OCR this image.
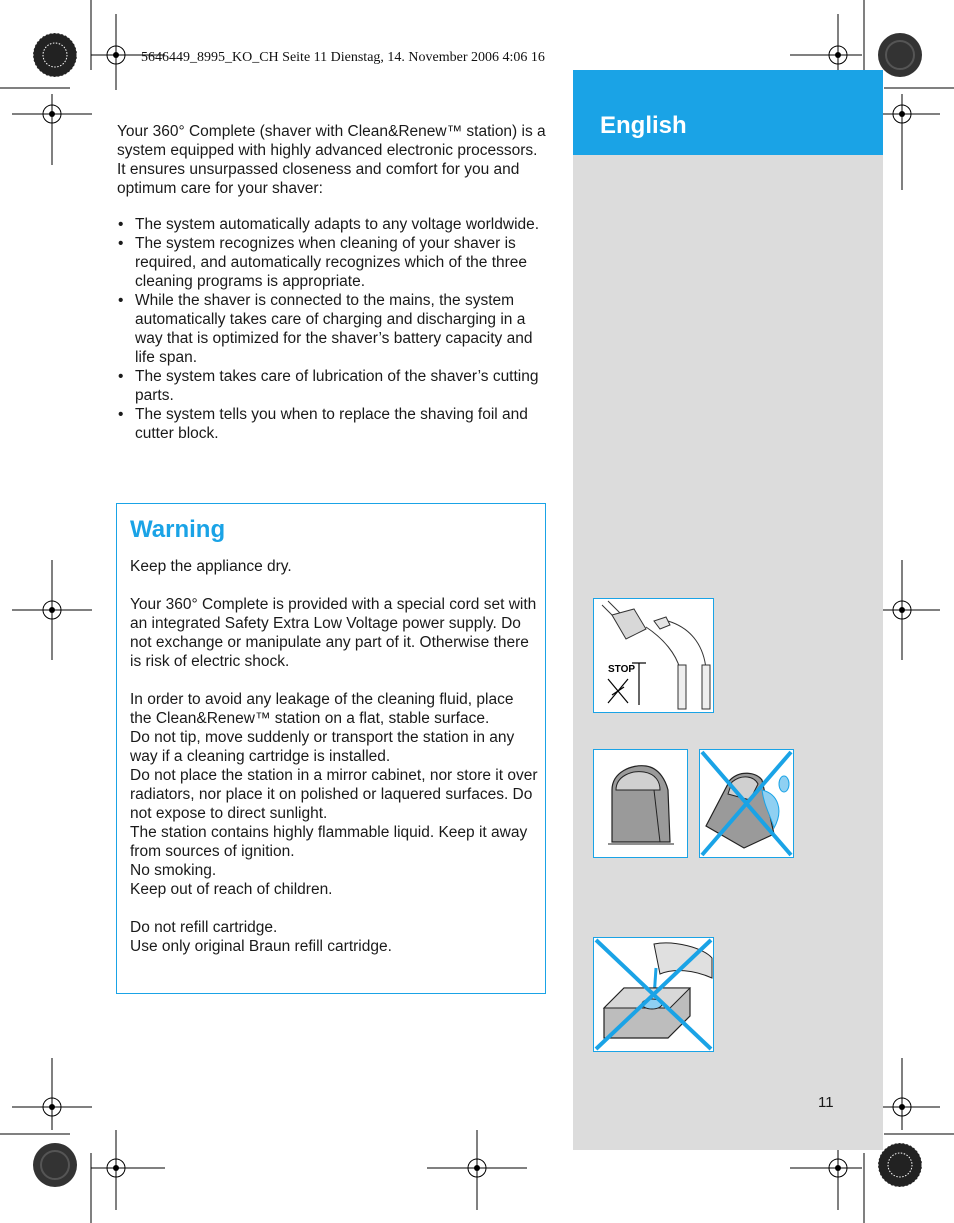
5646449_8995_KO_CH Seite 11 Dienstag, 14. November 2006 4:06 16
English

Your 360° Complete (shaver with Clean&Renew™ station) is a system equipped with highly advanced electronic processors. It ensures unsurpassed closeness and comfort for you and optimum care for your shaver:

• The system automatically adapts to any voltage worldwide.
• The system recognizes when cleaning of your shaver is required, and automatically recognizes which of the three cleaning programs is appropriate.
• While the shaver is connected to the mains, the system automatically takes care of charging and discharging in a way that is optimized for the shaver’s battery capacity and life span.
• The system takes care of lubrication of the shaver’s cutting parts.
• The system tells you when to replace the shaving foil and cutter block.
Warning

Keep the appliance dry.

Your 360° Complete is provided with a special cord set with an integrated Safety Extra Low Voltage power supply. Do not exchange or manipulate any part of it. Otherwise there is risk of electric shock.

In order to avoid any leakage of the cleaning fluid, place the Clean&Renew™ station on a flat, stable surface.

Do not tip, move suddenly or transport the station in any way if a cleaning cartridge is installed.

Do not place the station in a mirror cabinet, nor store it over radiators, nor place it on polished or laquered surfaces. Do not expose to direct sunlight.

The station contains highly flammable liquid. Keep it away from sources of ignition.

No smoking.

Keep out of reach of children.

Do not refill cartridge.

Use only original Braun refill cartridge.

STOP
11
